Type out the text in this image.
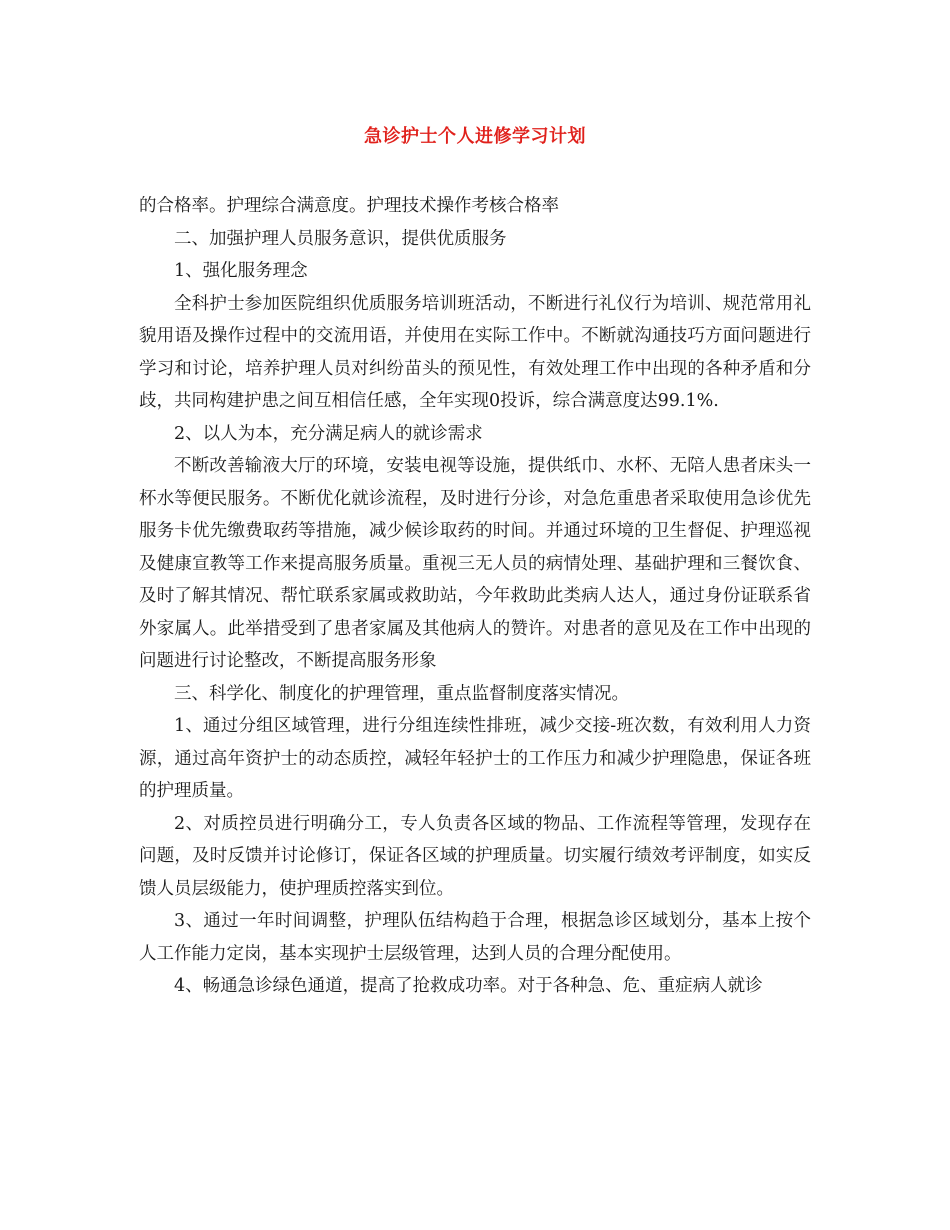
急诊护士个人进修学习计划

的合格率。护理综合满意度。护理技术操作考核合格率

二、加强护理人员服务意识，提供优质服务

1、强化服务理念

全科护士参加医院组织优质服务培训班活动，不断进行礼仪行为培训、规范常用礼貌用语及操作过程中的交流用语，并使用在实际工作中。不断就沟通技巧方面问题进行学习和讨论，培养护理人员对纠纷苗头的预见性，有效处理工作中出现的各种矛盾和分歧，共同构建护患之间互相信任感，全年实现0投诉，综合满意度达99.1%.

2、以人为本，充分满足病人的就诊需求

不断改善输液大厅的环境，安装电视等设施，提供纸巾、水杯、无陪人患者床头一杯水等便民服务。不断优化就诊流程，及时进行分诊，对急危重患者采取使用急诊优先服务卡优先缴费取药等措施，减少候诊取药的时间。并通过环境的卫生督促、护理巡视及健康宣教等工作来提高服务质量。重视三无人员的病情处理、基础护理和三餐饮食、及时了解其情况、帮忙联系家属或救助站，今年救助此类病人达人，通过身份证联系省外家属人。此举措受到了患者家属及其他病人的赞许。对患者的意见及在工作中出现的问题进行讨论整改，不断提高服务形象

三、科学化、制度化的护理管理，重点监督制度落实情况。

1、通过分组区域管理，进行分组连续性排班，减少交接-班次数，有效利用人力资源，通过高年资护士的动态质控，减轻年轻护士的工作压力和减少护理隐患，保证各班的护理质量。

2、对质控员进行明确分工，专人负责各区域的物品、工作流程等管理，发现存在问题，及时反馈并讨论修订，保证各区域的护理质量。切实履行绩效考评制度，如实反馈人员层级能力，使护理质控落实到位。

3、通过一年时间调整，护理队伍结构趋于合理，根据急诊区域划分，基本上按个人工作能力定岗，基本实现护士层级管理，达到人员的合理分配使用。

4、畅通急诊绿色通道，提高了抢救成功率。对于各种急、危、重症病人就诊
